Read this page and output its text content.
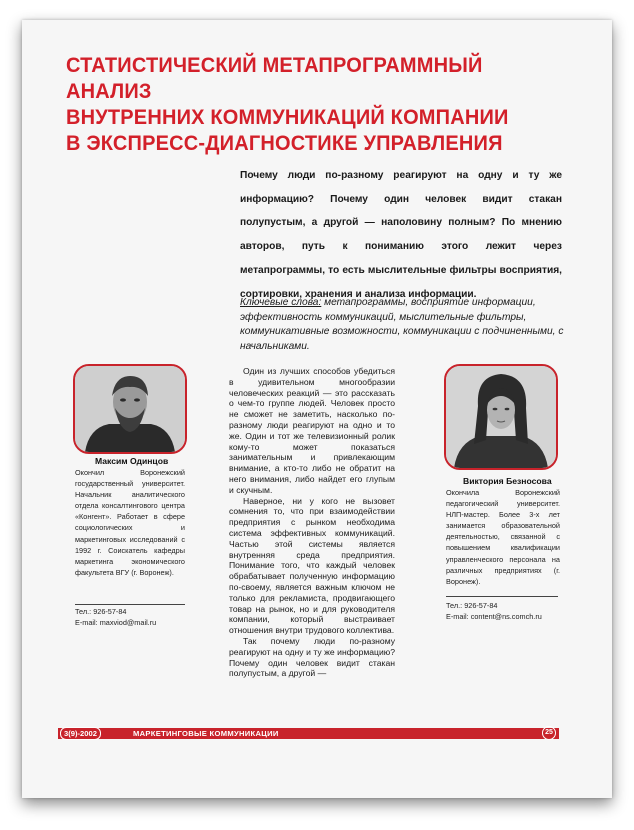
СТАТИСТИЧЕСКИЙ МЕТАПРОГРАММНЫЙ АНАЛИЗ
ВНУТРЕННИХ КОММУНИКАЦИЙ КОМПАНИИ
В ЭКСПРЕСС-ДИАГНОСТИКЕ УПРАВЛЕНИЯ

Почему люди по-разному реагируют на одну и ту же информацию? Почему один человек видит стакан полупустым, а другой — наполовину полным? По мнению авторов, путь к пониманию этого лежит через метапрограммы, то есть мыслительные фильтры восприятия, сортировки, хранения и анализа информации.

Ключевые слова: метапрограммы, восприятие информации, эффективность коммуникаций, мыслительные фильтры, коммуникативные возможности, коммуникации с подчиненными, с начальниками.

Максим Одинцов

Окончил Воронежский государственный университет. Начальник аналитического отдела консалтингового центра «Конгент». Работает в сфере социологических и маркетинговых исследований с 1992 г. Соискатель кафедры маркетинга экономического факультета ВГУ (г. Воронеж).

Тел.: 926-57-84

E-mail: maxviod@mail.ru

Виктория Безносова

Окончила Воронежский педагогический университет. НЛП-мастер. Более 3-х лет занимается образовательной деятельностью, связанной с повышением квалификации управленческого персонала на различных предприятиях (г. Воронеж).

Тел.: 926-57-84

E-mail: content@ns.comch.ru

Один из лучших способов убедиться в удивительном многообразии человеческих реакций — это рассказать о чем-то группе людей. Человек просто не сможет не заметить, насколько по-разному люди реагируют на одно и то же. Один и тот же телевизионный ролик кому-то может показаться занимательным и привлекающим внимание, а кто-то либо не обратит на него внимания, либо найдет его глупым и скучным.

Наверное, ни у кого не вызовет сомнения то, что при взаимодействии предприятия с рынком необходима система эффективных коммуникаций. Частью этой системы является внутренняя среда предприятия. Понимание того, что каждый человек обрабатывает полученную информацию по-своему, является важным ключом не только для рекламиста, продвигающего товар на рынок, но и для руководителя компании, который выстраивает отношения внутри трудового коллектива.

Так почему люди по-разному реагируют на одну и ту же информацию? Почему один человек видит стакан полупустым, а другой —

3(9)-2002	МАРКЕТИНГОВЫЕ КОММУНИКАЦИИ	25
